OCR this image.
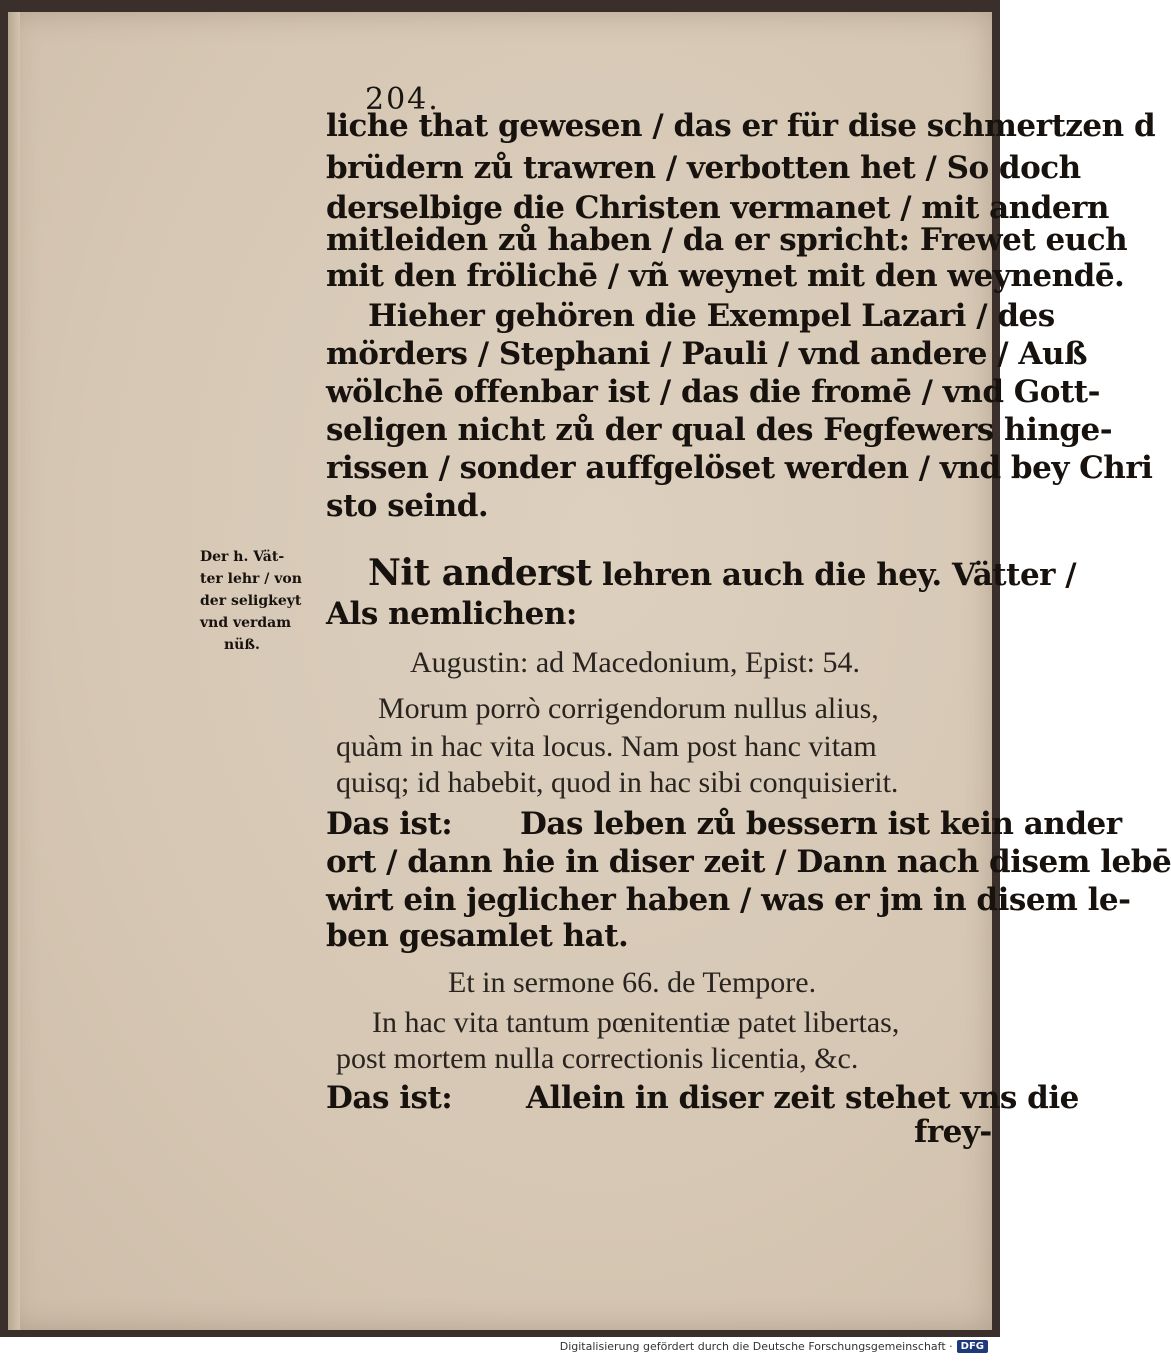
204.
liche that gewesen / das er für dise schmertzen d
brüdern zů trawren / verbotten het / So doch
derselbige die Christen vermanet / mit andern
mitleiden zů haben / da er spricht: Frewet euch
mit den frölichē / vñ weynet mit den weynendē.
Hieher gehören die Exempel Lazari / des
mörders / Stephani / Pauli / vnd andere / Auß
wölchē offenbar ist / das die fromē / vnd Gott-
seligen nicht zů der qual des Fegfewers hinge-
rissen / sonder auffgelöset werden / vnd bey Chri
sto seind.
Der h. Vät-
ter lehr / von
der seligkeyt
vnd verdam
nüß.
Nit anderst lehren auch die hey. Vätter /
Als nemlichen:
Augustin: ad Macedonium, Epist: 54.
Morum porrò corrigendorum nullus alius,
quàm in hac vita locus. Nam post hanc vitam
quisq; id habebit, quod in hac sibi conquisierit.
Das ist: Das leben zů bessern ist kein ander
ort / dann hie in diser zeit / Dann nach disem lebē
wirt ein jeglicher haben / was er jm in disem le-
ben gesamlet hat.
Et in sermone 66. de Tempore.
In hac vita tantum pœnitentiæ patet libertas,
post mortem nulla correctionis licentia, &c.
Das ist: Allein in diser zeit stehet vns die
frey-
Digitalisierung gefördert durch die Deutsche Forschungsgemeinschaft · DFG
